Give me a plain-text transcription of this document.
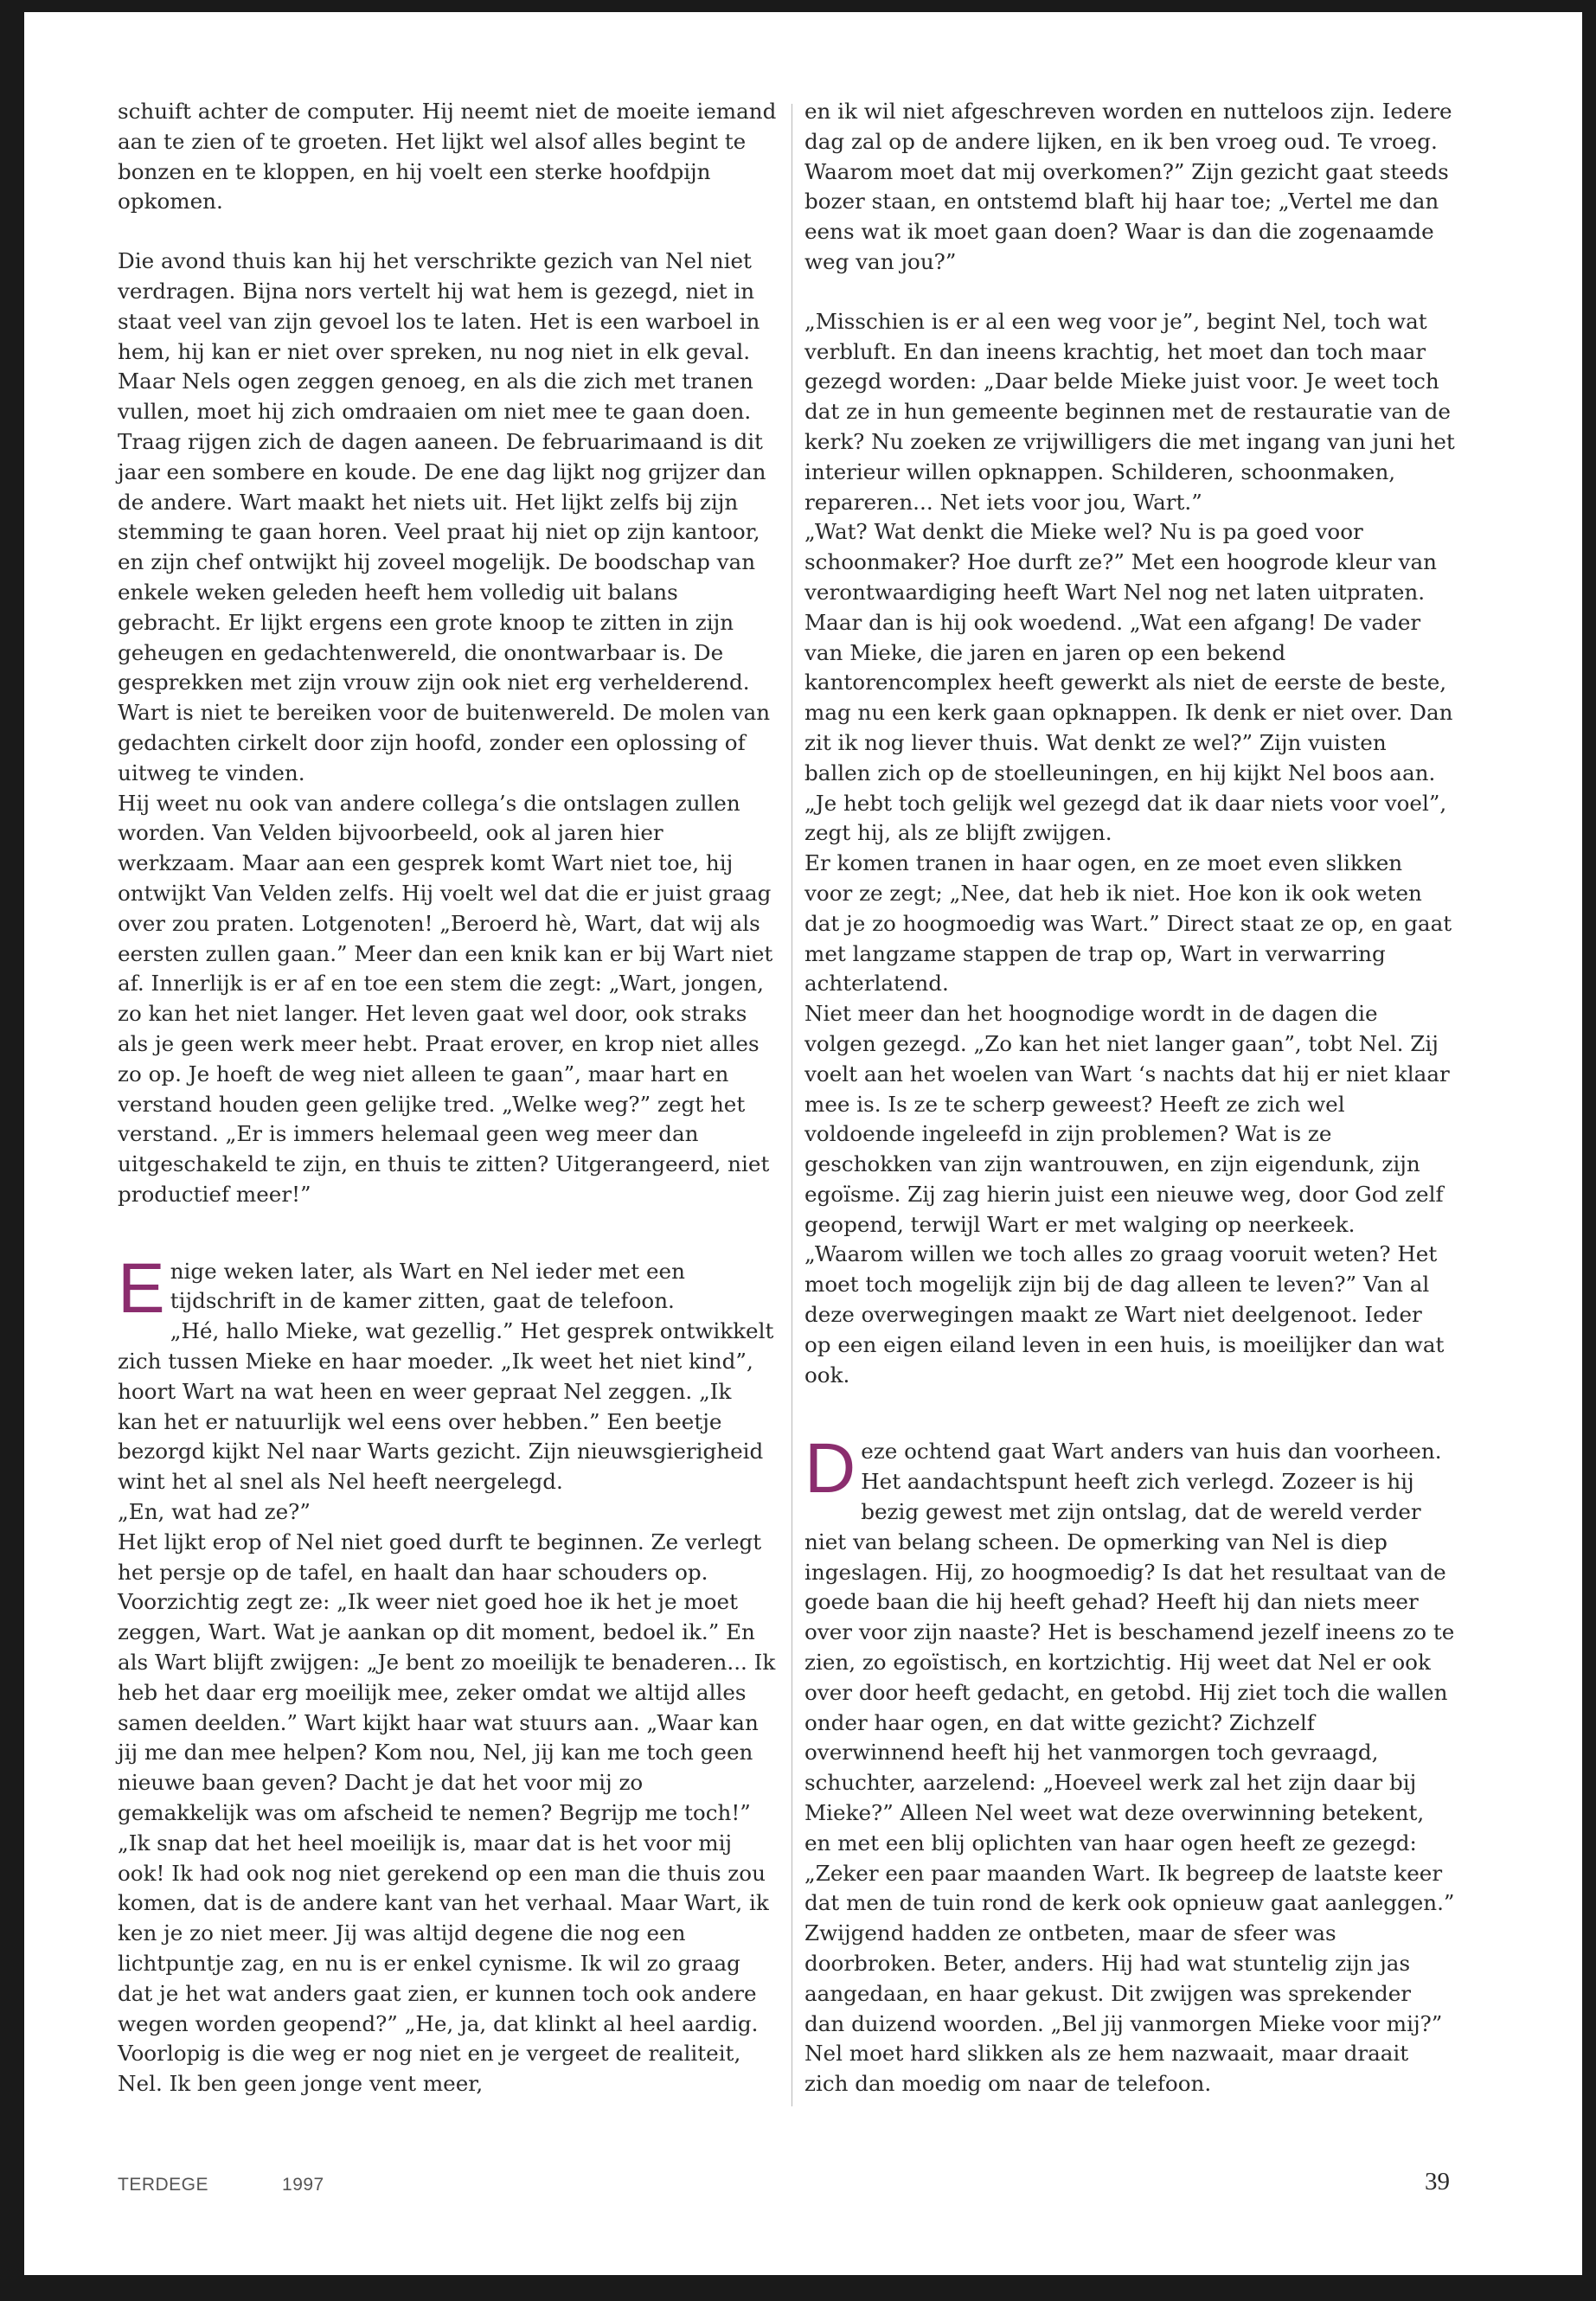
schuift achter de computer. Hij neemt niet de moeite iemand aan te zien of te groeten. Het lijkt wel alsof alles begint te bonzen en te kloppen, en hij voelt een sterke hoofdpijn opkomen.

Die avond thuis kan hij het verschrikte gezich van Nel niet verdragen. Bijna nors vertelt hij wat hem is gezegd, niet in staat veel van zijn gevoel los te laten. Het is een warboel in hem, hij kan er niet over spreken, nu nog niet in elk geval. Maar Nels ogen zeggen genoeg, en als die zich met tranen vullen, moet hij zich omdraaien om niet mee te gaan doen. Traag rijgen zich de dagen aaneen. De februarimaand is dit jaar een sombere en koude. De ene dag lijkt nog grijzer dan de andere. Wart maakt het niets uit. Het lijkt zelfs bij zijn stemming te gaan horen. Veel praat hij niet op zijn kantoor, en zijn chef ontwijkt hij zoveel mogelijk. De boodschap van enkele weken geleden heeft hem volledig uit balans gebracht. Er lijkt ergens een grote knoop te zitten in zijn geheugen en gedachtenwereld, die onontwarbaar is. De gesprekken met zijn vrouw zijn ook niet erg verhelderend. Wart is niet te bereiken voor de buitenwereld. De molen van gedachten cirkelt door zijn hoofd, zonder een oplossing of uitweg te vinden.

Hij weet nu ook van andere collega’s die ontslagen zullen worden. Van Velden bijvoorbeeld, ook al jaren hier werkzaam. Maar aan een gesprek komt Wart niet toe, hij ontwijkt Van Velden zelfs. Hij voelt wel dat die er juist graag over zou praten. Lotgenoten! „Beroerd hè, Wart, dat wij als eersten zullen gaan.” Meer dan een knik kan er bij Wart niet af. Innerlijk is er af en toe een stem die zegt: „Wart, jongen, zo kan het niet langer. Het leven gaat wel door, ook straks als je geen werk meer hebt. Praat erover, en krop niet alles zo op. Je hoeft de weg niet alleen te gaan”, maar hart en verstand houden geen gelijke tred. „Welke weg?” zegt het verstand. „Er is immers helemaal geen weg meer dan uitgeschakeld te zijn, en thuis te zitten? Uitgerangeerd, niet productief meer!”

Enige weken later, als Wart en Nel ieder met een tijdschrift in de kamer zitten, gaat de telefoon.

„Hé, hallo Mieke, wat gezellig.” Het gesprek ontwikkelt zich tussen Mieke en haar moeder. „Ik weet het niet kind”, hoort Wart na wat heen en weer gepraat Nel zeggen. „Ik kan het er natuurlijk wel eens over hebben.” Een beetje bezorgd kijkt Nel naar Warts gezicht. Zijn nieuwsgierigheid wint het al snel als Nel heeft neergelegd.

„En, wat had ze?”

Het lijkt erop of Nel niet goed durft te beginnen. Ze verlegt het persje op de tafel, en haalt dan haar schouders op. Voorzichtig zegt ze: „Ik weer niet goed hoe ik het je moet zeggen, Wart. Wat je aankan op dit moment, bedoel ik.” En als Wart blijft zwijgen: „Je bent zo moeilijk te benaderen... Ik heb het daar erg moeilijk mee, zeker omdat we altijd alles samen deelden.” Wart kijkt haar wat stuurs aan. „Waar kan jij me dan mee helpen? Kom nou, Nel, jij kan me toch geen nieuwe baan geven? Dacht je dat het voor mij zo gemakkelijk was om afscheid te nemen? Begrijp me toch!” „Ik snap dat het heel moeilijk is, maar dat is het voor mij ook! Ik had ook nog niet gerekend op een man die thuis zou komen, dat is de andere kant van het verhaal. Maar Wart, ik ken je zo niet meer. Jij was altijd degene die nog een lichtpuntje zag, en nu is er enkel cynisme. Ik wil zo graag dat je het wat anders gaat zien, er kunnen toch ook andere wegen worden geopend?” „He, ja, dat klinkt al heel aardig. Voorlopig is die weg er nog niet en je vergeet de realiteit, Nel. Ik ben geen jonge vent meer,

en ik wil niet afgeschreven worden en nutteloos zijn. Iedere dag zal op de andere lijken, en ik ben vroeg oud. Te vroeg. Waarom moet dat mij overkomen?” Zijn gezicht gaat steeds bozer staan, en ontstemd blaft hij haar toe; „Vertel me dan eens wat ik moet gaan doen? Waar is dan die zogenaamde weg van jou?”

„Misschien is er al een weg voor je”, begint Nel, toch wat verbluft. En dan ineens krachtig, het moet dan toch maar gezegd worden: „Daar belde Mieke juist voor. Je weet toch dat ze in hun gemeente beginnen met de restauratie van de kerk? Nu zoeken ze vrijwilligers die met ingang van juni het interieur willen opknappen. Schilderen, schoonmaken, repareren... Net iets voor jou, Wart.”

„Wat? Wat denkt die Mieke wel? Nu is pa goed voor schoonmaker? Hoe durft ze?” Met een hoogrode kleur van verontwaardiging heeft Wart Nel nog net laten uitpraten. Maar dan is hij ook woedend. „Wat een afgang! De vader van Mieke, die jaren en jaren op een bekend kantorencomplex heeft gewerkt als niet de eerste de beste, mag nu een kerk gaan opknappen. Ik denk er niet over. Dan zit ik nog liever thuis. Wat denkt ze wel?” Zijn vuisten ballen zich op de stoelleuningen, en hij kijkt Nel boos aan. „Je hebt toch gelijk wel gezegd dat ik daar niets voor voel”, zegt hij, als ze blijft zwijgen.

Er komen tranen in haar ogen, en ze moet even slikken voor ze zegt; „Nee, dat heb ik niet. Hoe kon ik ook weten dat je zo hoogmoedig was Wart.” Direct staat ze op, en gaat met langzame stappen de trap op, Wart in verwarring achterlatend.

Niet meer dan het hoognodige wordt in de dagen die volgen gezegd. „Zo kan het niet langer gaan”, tobt Nel. Zij voelt aan het woelen van Wart ‘s nachts dat hij er niet klaar mee is. Is ze te scherp geweest? Heeft ze zich wel voldoende ingeleefd in zijn problemen? Wat is ze geschokken van zijn wantrouwen, en zijn eigendunk, zijn egoïsme. Zij zag hierin juist een nieuwe weg, door God zelf geopend, terwijl Wart er met walging op neerkeek. „Waarom willen we toch alles zo graag vooruit weten? Het moet toch mogelijk zijn bij de dag alleen te leven?” Van al deze overwegingen maakt ze Wart niet deelgenoot. Ieder op een eigen eiland leven in een huis, is moeilijker dan wat ook.

Deze ochtend gaat Wart anders van huis dan voorheen. Het aandachtspunt heeft zich verlegd. Zozeer is hij bezig gewest met zijn ontslag, dat de wereld verder niet van belang scheen. De opmerking van Nel is diep ingeslagen. Hij, zo hoogmoedig? Is dat het resultaat van de goede baan die hij heeft gehad? Heeft hij dan niets meer over voor zijn naaste? Het is beschamend jezelf ineens zo te zien, zo egoïstisch, en kortzichtig. Hij weet dat Nel er ook over door heeft gedacht, en getobd. Hij ziet toch die wallen onder haar ogen, en dat witte gezicht? Zichzelf overwinnend heeft hij het vanmorgen toch gevraagd, schuchter, aarzelend: „Hoeveel werk zal het zijn daar bij Mieke?” Alleen Nel weet wat deze overwinning betekent, en met een blij oplichten van haar ogen heeft ze gezegd: „Zeker een paar maanden Wart. Ik begreep de laatste keer dat men de tuin rond de kerk ook opnieuw gaat aanleggen.” Zwijgend hadden ze ontbeten, maar de sfeer was doorbroken. Beter, anders. Hij had wat stuntelig zijn jas aangedaan, en haar gekust. Dit zwijgen was sprekender dan duizend woorden. „Bel jij vanmorgen Mieke voor mij?” Nel moet hard slikken als ze hem nazwaait, maar draait zich dan moedig om naar de telefoon.

TERDEGE	1997	39
